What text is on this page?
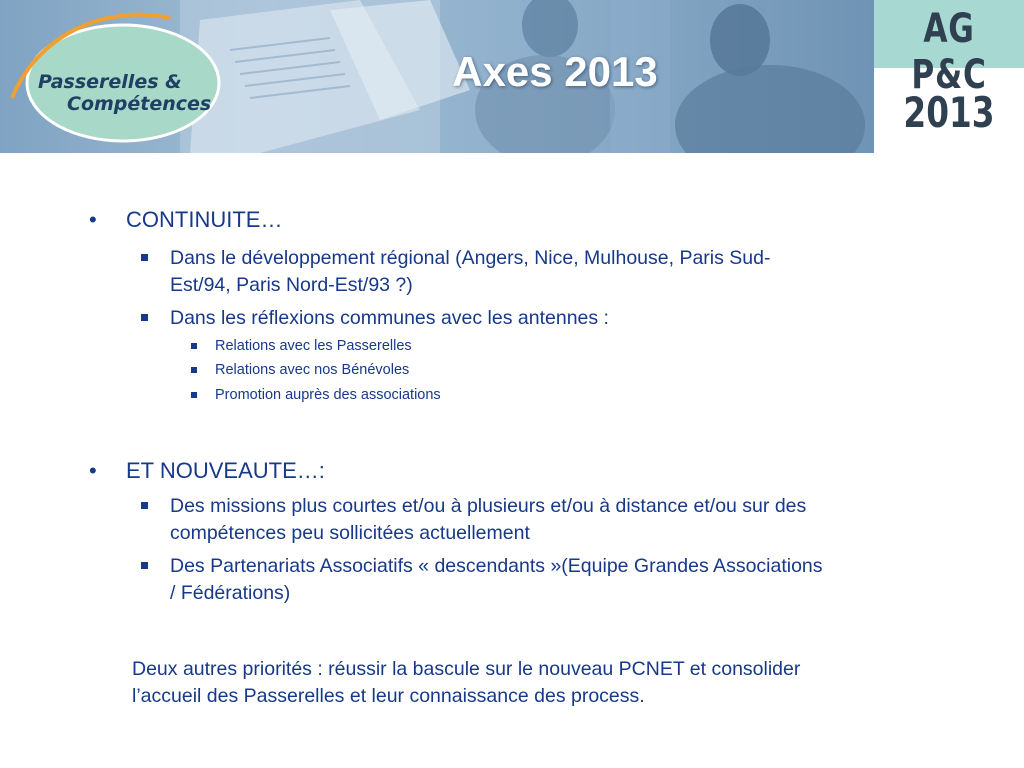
Passerelles &
Compétences
Axes 2013
AG P&C
2013
• CONTINUITE…
Dans le développement régional (Angers, Nice, Mulhouse, Paris Sud-
Est/94, Paris Nord-Est/93 ?)
Dans les réflexions communes avec les antennes :
Relations avec les Passerelles
Relations avec nos Bénévoles
Promotion auprès des associations
• ET NOUVEAUTE…:
Des missions plus courtes et/ou à plusieurs et/ou à distance et/ou sur des
compétences peu sollicitées actuellement
Des Partenariats Associatifs « descendants »(Equipe Grandes Associations
/ Fédérations)
Deux autres priorités : réussir la bascule sur le nouveau PCNET et consolider
l’accueil des Passerelles et leur connaissance des process.
